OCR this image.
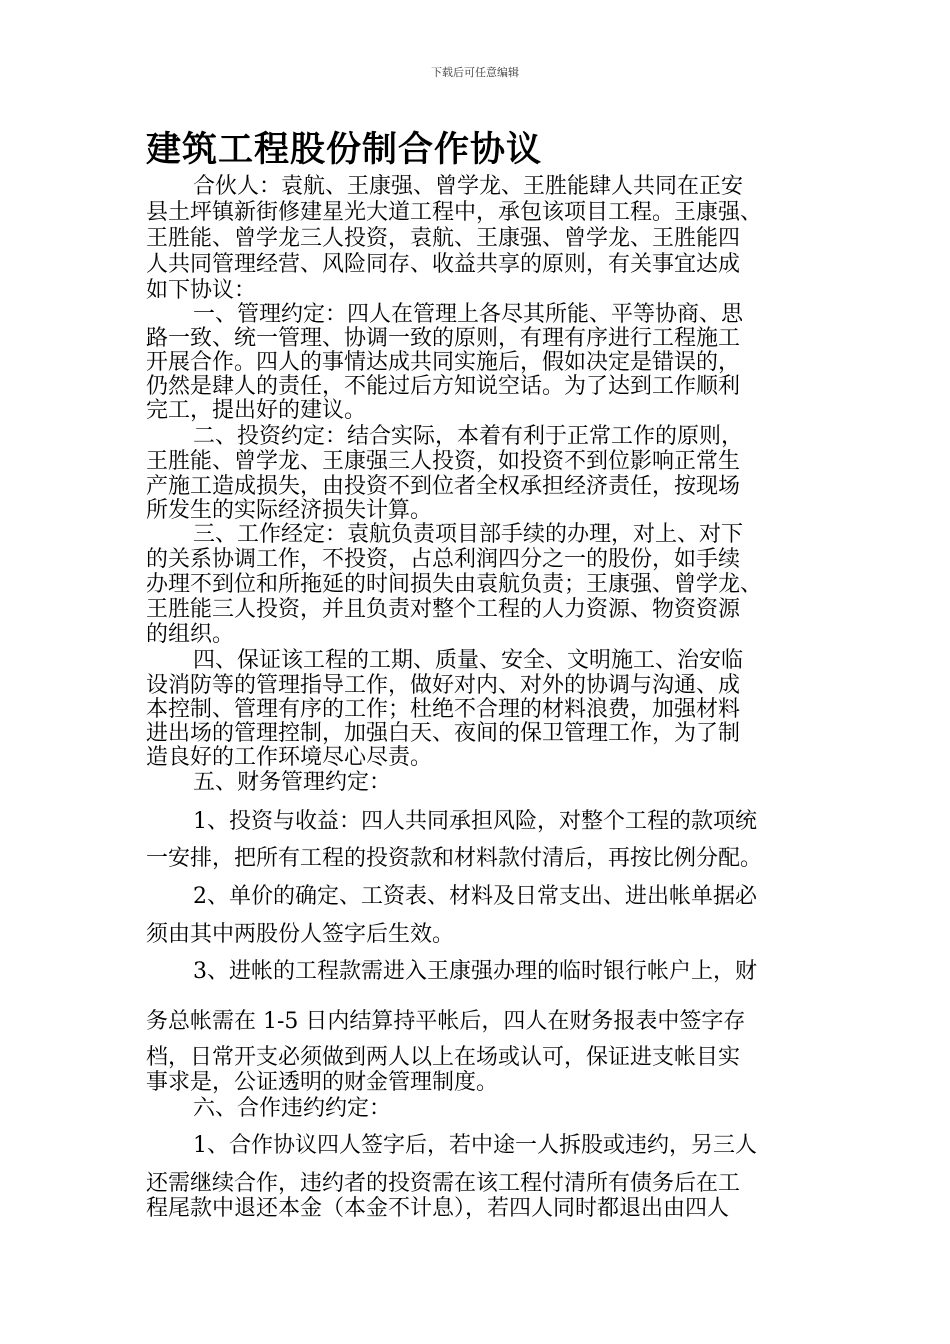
下载后可任意编辑
建筑工程股份制合作协议
合伙人：袁航、王康强、曾学龙、王胜能肆人共同在正安
县土坪镇新街修建星光大道工程中，承包该项目工程。王康强、
王胜能、曾学龙三人投资，袁航、王康强、曾学龙、王胜能四
人共同管理经营、风险同存、收益共享的原则，有关事宜达成
如下协议：
一、管理约定：四人在管理上各尽其所能、平等协商、思
路一致、统一管理、协调一致的原则，有理有序进行工程施工
开展合作。四人的事情达成共同实施后，假如决定是错误的，
仍然是肆人的责任，不能过后方知说空话。为了达到工作顺利
完工，提出好的建议。
二、投资约定：结合实际，本着有利于正常工作的原则，
王胜能、曾学龙、王康强三人投资，如投资不到位影响正常生
产施工造成损失，由投资不到位者全权承担经济责任，按现场
所发生的实际经济损失计算。
三、工作经定：袁航负责项目部手续的办理，对上、对下
的关系协调工作，不投资，占总利润四分之一的股份，如手续
办理不到位和所拖延的时间损失由袁航负责；王康强、曾学龙、
王胜能三人投资，并且负责对整个工程的人力资源、物资资源
的组织。
四、保证该工程的工期、质量、安全、文明施工、治安临
设消防等的管理指导工作，做好对内、对外的协调与沟通、成
本控制、管理有序的工作；杜绝不合理的材料浪费，加强材料
进出场的管理控制，加强白天、夜间的保卫管理工作，为了制
造良好的工作环境尽心尽责。
五、财务管理约定：
1、投资与收益：四人共同承担风险，对整个工程的款项统
一安排，把所有工程的投资款和材料款付清后，再按比例分配。
2、单价的确定、工资表、材料及日常支出、进出帐单据必
须由其中两股份人签字后生效。
3、进帐的工程款需进入王康强办理的临时银行帐户上，财
务总帐需在 1-5 日内结算持平帐后，四人在财务报表中签字存
档，日常开支必须做到两人以上在场或认可，保证进支帐目实
事求是，公证透明的财金管理制度。
六、合作违约约定：
1、合作协议四人签字后，若中途一人拆股或违约，另三人
还需继续合作，违约者的投资需在该工程付清所有债务后在工
程尾款中退还本金（本金不计息），若四人同时都退出由四人
